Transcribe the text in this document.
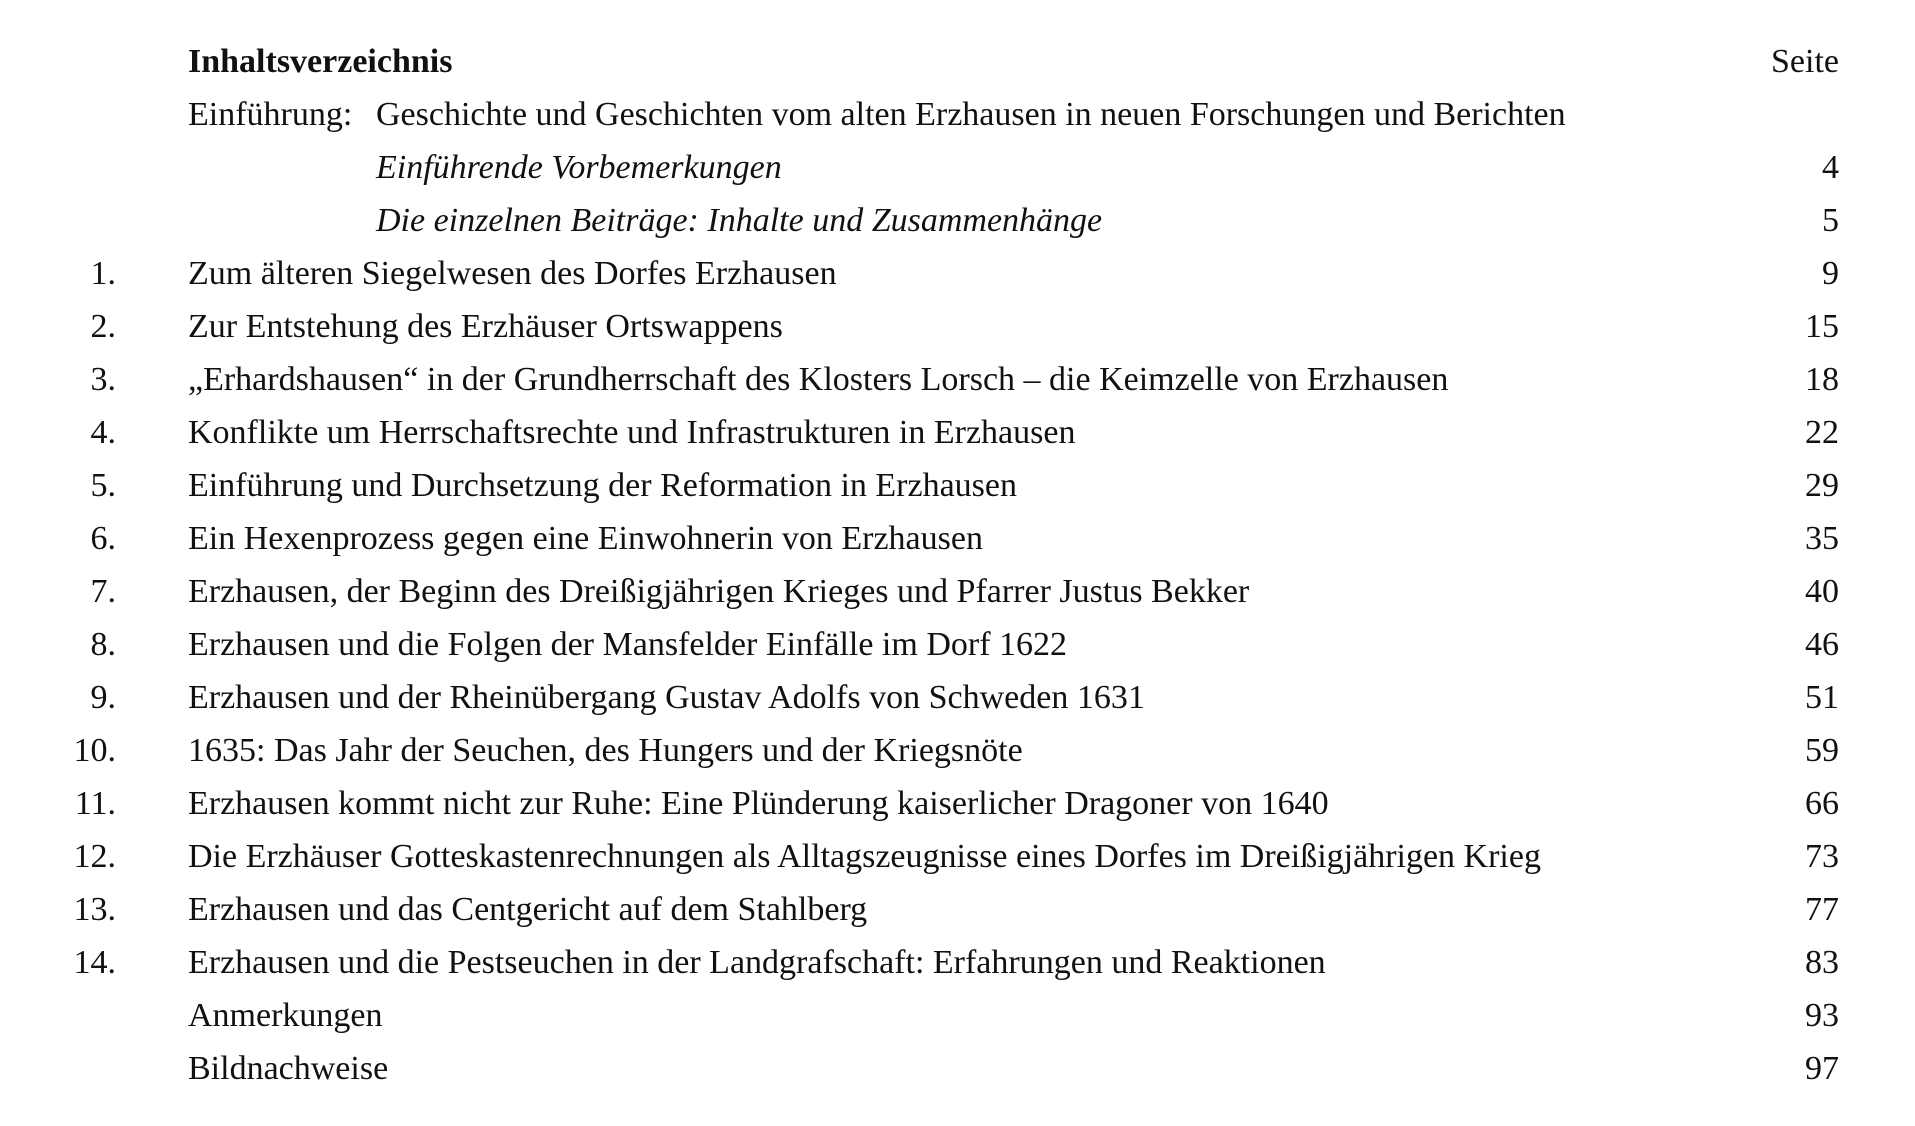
Inhaltsverzeichnis	Seite
Einführung: Geschichte und Geschichten vom alten Erzhausen in neuen Forschungen und Berichten
Einführende Vorbemerkungen	4
Die einzelnen Beiträge: Inhalte und Zusammenhänge	5
1. Zum älteren Siegelwesen des Dorfes Erzhausen	9
2. Zur Entstehung des Erzhäuser Ortswappens	15
3. „Erhardshausen“ in der Grundherrschaft des Klosters Lorsch – die Keimzelle von Erzhausen	18
4. Konflikte um Herrschaftsrechte und Infrastrukturen in Erzhausen	22
5. Einführung und Durchsetzung der Reformation in Erzhausen	29
6. Ein Hexenprozess gegen eine Einwohnerin von Erzhausen	35
7. Erzhausen, der Beginn des Dreißigjährigen Krieges und Pfarrer Justus Bekker	40
8. Erzhausen und die Folgen der Mansfelder Einfälle im Dorf 1622	46
9. Erzhausen und der Rheinübergang Gustav Adolfs von Schweden 1631	51
10. 1635: Das Jahr der Seuchen, des Hungers und der Kriegsnöte	59
11. Erzhausen kommt nicht zur Ruhe: Eine Plünderung kaiserlicher Dragoner von 1640	66
12. Die Erzhäuser Gotteskastenrechnungen als Alltagszeugnisse eines Dorfes im Dreißigjährigen Krieg	73
13. Erzhausen und das Centgericht auf dem Stahlberg	77
14. Erzhausen und die Pestseuchen in der Landgrafschaft: Erfahrungen und Reaktionen	83
Anmerkungen	93
Bildnachweise	97
